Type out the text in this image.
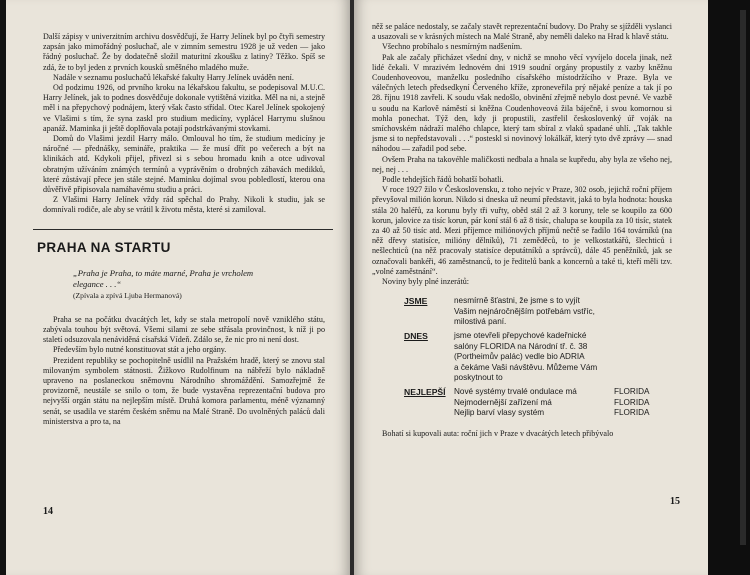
Další zápisy v univerzitním archivu dosvědčují, že Harry Jelínek byl po čtyři semestry zapsán jako mimořádný posluchač, ale v zimním semestru 1928 je už veden — jako řádný posluchač. Že by dodatečně složil maturitní zkoušku z latiny? Těžko. Spíš se zdá, že to byl jeden z prvních kousků směšného mladého muže.

Nadále v seznamu posluchačů lékařské fakulty Harry Jelínek uváděn není.

Od podzimu 1926, od prvního kroku na lékařskou fakultu, se podepisoval M.U.C. Harry Jelínek, jak to podnes dosvědčuje dokonale vytištěná vizitka. Měl na ni, a stejně měl i na přepychový podnájem, který však často střídal. Otec Karel Jelínek spokojený ve Vlašimi s tím, že syna zaskl pro studium medicíny, vyplácel Harrymu slušnou apanáž. Maminka ji ještě doplňovala potají podstrkávanými stovkami.

Domů do Vlašimi jezdil Harry málo. Omlouval ho tím, že studium medicíny je náročné — přednášky, semináře, praktika — že musí dřít po večerech a být na klinikách atd. Kdykoli přijel, přivezl si s sebou hromadu knih a otce udivoval obratným užíváním známých termínů a vyprávěním o drobných zábavách medikků, které zůstávají přece jen stále stejné. Maminku dojímal svou pobledlostí, kterou ona důvěřivě připisovala namáhavému studiu a práci.

Z Vlašimi Harry Jelínek vždy rád spěchal do Prahy. Nikoli k studiu, jak se domnívali rodiče, ale aby se vrátil k životu města, které si zamiloval.

PRAHA NA STARTU
„Praha je Praha, to máte marné, Praha je vrcholem
elegance . . .“
(Zpívala a zpívá Ljuba Hermanová)

Praha se na počátku dvacátých let, kdy se stala metropolí nově vzniklého státu, zabývala touhou být světová. Všemi silami ze sebe střásala provinčnost, k níž ji po staletí odsuzovala nenáviděná císařská Vídeň. Zdálo se, že nic pro ni není dost.

Především bylo nutné konstituovat stát a jeho orgány.

Prezident republiky se pochopitelně usídlil na Pražském hradě, který se znovu stal milovaným symbolem státnosti. Žižkovo Rudolfinum na nábřeží bylo nákladně upraveno na poslaneckou sněmovnu Národního shromáždění. Samozřejmě že provizorně, neustále se snilo o tom, že bude vystavěna reprezentační budova pro nejvyšší orgán státu na nejlepším místě. Druhá komora parlamentu, méně významný senát, se usadila ve starém českém sněmu na Malé Straně. Do uvolněných paláců dali ministerstva a pro ta, na

14

něž se paláce nedostaly, se začaly stavět reprezentační budovy. Do Prahy se sjížděli vyslanci a usazovali se v krásných místech na Malé Straně, aby neměli daleko na Hrad k hlavě státu.

Všechno probíhalo s nesmírným nadšením.

Pak ale začaly přicházet všední dny, v nichž se mnoho věcí vyvíjelo docela jinak, než lidé čekali. V mrazivém lednovém dni 1919 soudní orgány propustily z vazby kněžnu Coudenhoveovou, manželku posledního císařského místodržícího v Praze. Byla ve válečných letech předsedkyní Červeného kříže, zproneveřila prý nějaké peníze a tak jí po 28. říjnu 1918 zavřeli. K soudu však nedošlo, obvinění zřejmě nebylo dost pevné. Ve vazbě u soudu na Karlově náměstí si kněžna Coudenhoveová žila báječně, i svou komornou si mohla ponechat. Týž den, kdy ji propustili, zastřelil českoslovenký úř voják na smíchovském nádraží malého chlapce, který tam sbíral z vlaků spadané uhlí. „Tak takhle jsme si to nepředstavovali . . .“ posteskl si novinový lokálkář, který tyto dvě zprávy — snad náhodou — zařadil pod sebe.

Ovšem Praha na takovéhle maličkosti nedbala a hnala se kupředu, aby byla ze všeho nej, nej, nej . . .

Podle tehdejších řádů bohatší bohatli.

V roce 1927 žilo v Československu, z toho nejvíc v Praze, 302 osob, jejichž roční příjem převyšoval milión korun. Nikdo si dneska už neumí představit, jaká to byla hodnota: houska stála 20 haléřů, za korunu byly tři vuřty, oběd stál 2 až 3 koruny, tele se koupilo za 600 korun, jalovice za tisíc korun, pár koní stál 6 až 8 tisíc, chalupa se koupila za 10 tisíc, statek za 40 až 50 tisíc atd. Mezi příjemce miliónových příjmů nečtě se řadilo 164 továrníků (na něž dřevy statisíce, milióny dělníků), 71 zeměděců, to je velkostatkářů, šlechticů i nešlechticů (na něž pracovaly statisíce deputátníků a správců), dále 45 peněžníků, jak se označovali bankéři, 46 zaměstnanců, to je ředitelů bank a koncernů a také ti, kteří měli tzv. „volné zaměstnání“.

Noviny byly plné inzerátů:

JSME	nesmírně šťastni, že jsme s to vyjít
Vašim nejnáročnějším potřebám vstříc,
milostivá paní.
DNES	jsme otevřeli přepychové kadeřnické
salóny FLORIDA na Národní tř. č. 38
(Portheimův palác) vedle bio ADRIA
a čekáme Vaši návštěvu. Můžeme Vám
poskytnout to
NEJLEPŠÍ	Nové systémy trvalé ondulace má	FLORIDA
Nejmodernější zařízení má	FLORIDA
Nejlip barví vlasy systém	FLORIDA

Bohatí si kupovali auta: roční jich v Praze v dvacátých letech přibývalo

15
